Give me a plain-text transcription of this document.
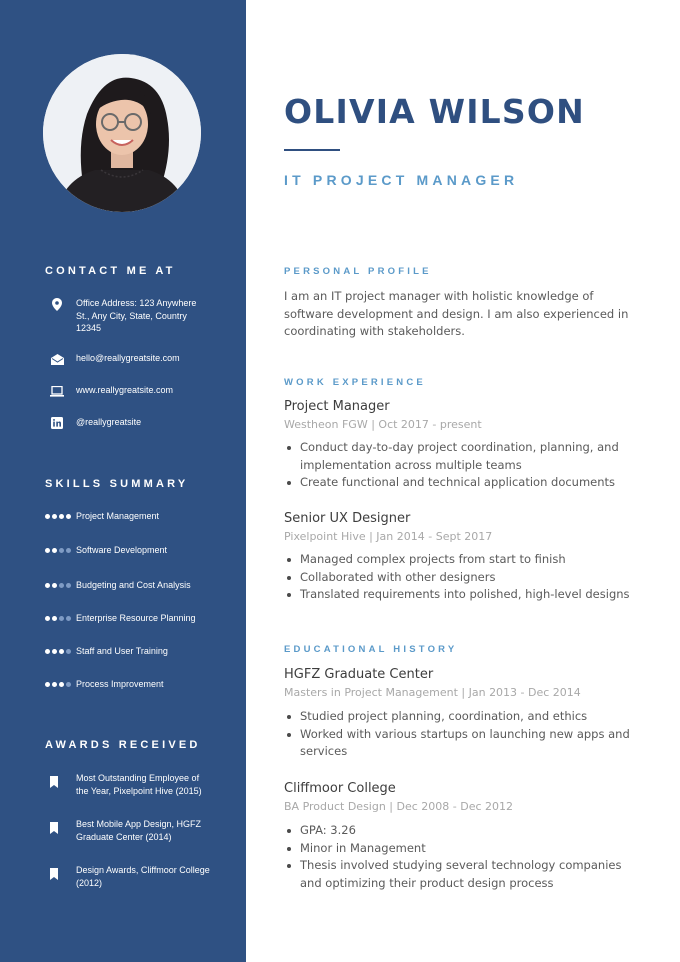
CONTACT ME AT
Office Address: 123 Anywhere St., Any City, State, Country 12345
hello@reallygreatsite.com
www.reallygreatsite.com
@reallygreatsite
SKILLS SUMMARY
Project Management
Software Development
Budgeting and Cost Analysis
Enterprise Resource Planning
Staff and User Training
Process Improvement
AWARDS RECEIVED
Most Outstanding Employee of the Year, Pixelpoint Hive (2015)
Best Mobile App Design, HGFZ Graduate Center (2014)
Design Awards, Cliffmoor College (2012)
OLIVIA WILSON
IT PROJECT MANAGER
PERSONAL PROFILE
I am an IT project manager with holistic knowledge of software development and design. I am also experienced in coordinating with stakeholders.
WORK EXPERIENCE
Project Manager
Westheon FGW | Oct 2017 - present
Conduct day-to-day project coordination, planning, and implementation across multiple teams
Create functional and technical application documents
Senior UX Designer
Pixelpoint Hive | Jan 2014 - Sept 2017
Managed complex projects from start to finish
Collaborated with other designers
Translated requirements into polished, high-level designs
EDUCATIONAL HISTORY
HGFZ Graduate Center
Masters in Project Management | Jan 2013 - Dec 2014
Studied project planning, coordination, and ethics
Worked with various startups on launching new apps and services
Cliffmoor College
BA Product Design | Dec 2008 - Dec 2012
GPA: 3.26
Minor in Management
Thesis involved studying several technology companies and optimizing their product design process
